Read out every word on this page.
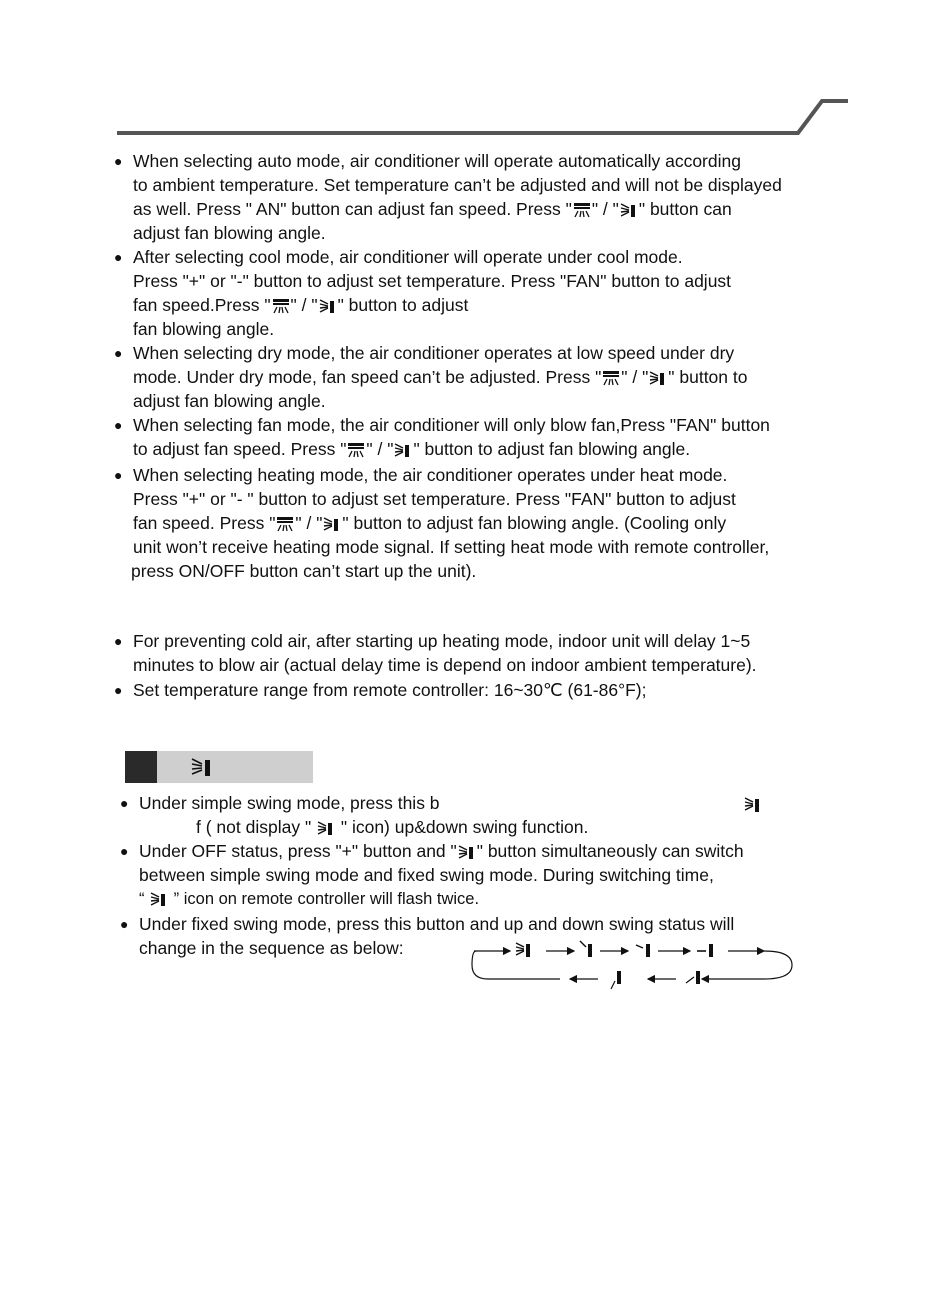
● When selecting auto mode, air conditioner will operate automatically according
to ambient temperature. Set temperature can’t be adjusted and will not be displayed
as well. Press " AN" button can adjust fan speed. Press " " / " " button can
adjust fan blowing angle.
● After selecting cool mode, air conditioner will operate under cool mode.
Press "+" or "-" button to adjust set temperature. Press "FAN" button to adjust
fan speed.Press " " / " " button to adjust
fan blowing angle.
● When selecting dry mode, the air conditioner operates at low speed under dry
mode. Under dry mode, fan speed can’t be adjusted. Press " " / " " button to
adjust fan blowing angle.
● When selecting fan mode, the air conditioner will only blow fan,Press "FAN" button
to adjust fan speed. Press " " / " " button to adjust fan blowing angle.
● When selecting heating mode, the air conditioner operates under heat mode.
Press "+" or "- " button to adjust set temperature. Press "FAN" button to adjust
fan speed. Press " " / " " button to adjust fan blowing angle. (Cooling only
unit won’t receive heating mode signal. If setting heat mode with remote controller,
press ON/OFF button can’t start up the unit).
● For preventing cold air, after starting up heating mode, indoor unit will delay 1~5
minutes to blow air (actual delay time is depend on indoor ambient temperature).
● Set temperature range from remote controller: 16~30℃ (61-86°F);
● Under simple swing mode, press this b
f ( not display "  " icon) up&down swing function.
● Under OFF status, press "+" button and " " button simultaneously can switch
between simple swing mode and fixed swing mode. During switching time,
“  ” icon on remote controller will flash twice.
● Under fixed swing mode, press this button and up and down swing status will
change in the sequence as below:
